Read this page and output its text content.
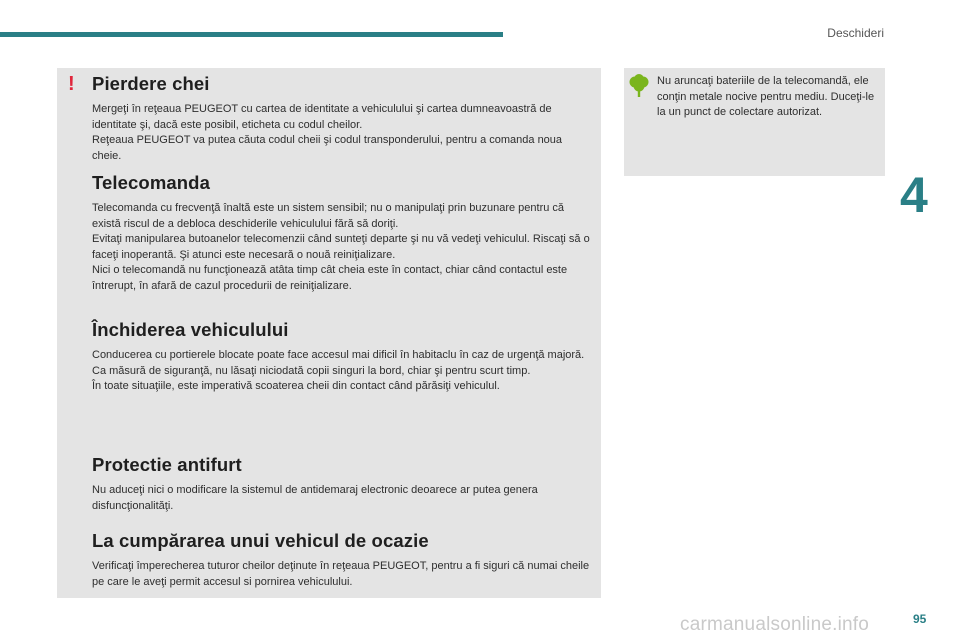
Deschideri
4
! Pierdere chei

Mergeţi în reţeaua PEUGEOT cu cartea de identitate a vehiculului şi cartea dumneavoastră de identitate şi, dacă este posibil, eticheta cu codul cheilor.

Reţeaua PEUGEOT va putea căuta codul cheii şi codul transponderului, pentru a comanda noua cheie.

Telecomanda

Telecomanda cu frecvenţă înaltă este un sistem sensibil; nu o manipulaţi prin buzunare pentru că există riscul de a debloca deschiderile vehiculului fără să doriţi.

Evitaţi manipularea butoanelor telecomenzii când sunteţi departe şi nu vă vedeţi vehiculul. Riscaţi să o faceţi inoperantă. Şi atunci este necesară o nouă reiniţializare.

Nici o telecomandă nu funcţionează atâta timp cât cheia este în contact, chiar când contactul este întrerupt, în afară de cazul procedurii de reiniţializare.

Închiderea vehiculului

Conducerea cu portierele blocate poate face accesul mai dificil în habitaclu în caz de urgenţă majoră.

Ca măsură de siguranţă, nu lăsaţi niciodată copii singuri la bord, chiar şi pentru scurt timp.

În toate situaţiile, este imperativă scoaterea cheii din contact când părăsiţi vehiculul.

Protectie antifurt

Nu aduceţi nici o modificare la sistemul de antidemaraj electronic deoarece ar putea genera disfuncţionalităţi.

La cumpărarea unui vehicul de ocazie

Verificaţi împerecherea tuturor cheilor deţinute în reţeaua PEUGEOT, pentru a fi siguri că numai cheile pe care le aveţi permit accesul si pornirea vehiculului.

Nu aruncaţi bateriile de la telecomandă, ele conţin metale nocive pentru mediu. Duceţi-le la un punct de colectare autorizat.

carmanualsonline.info	95
